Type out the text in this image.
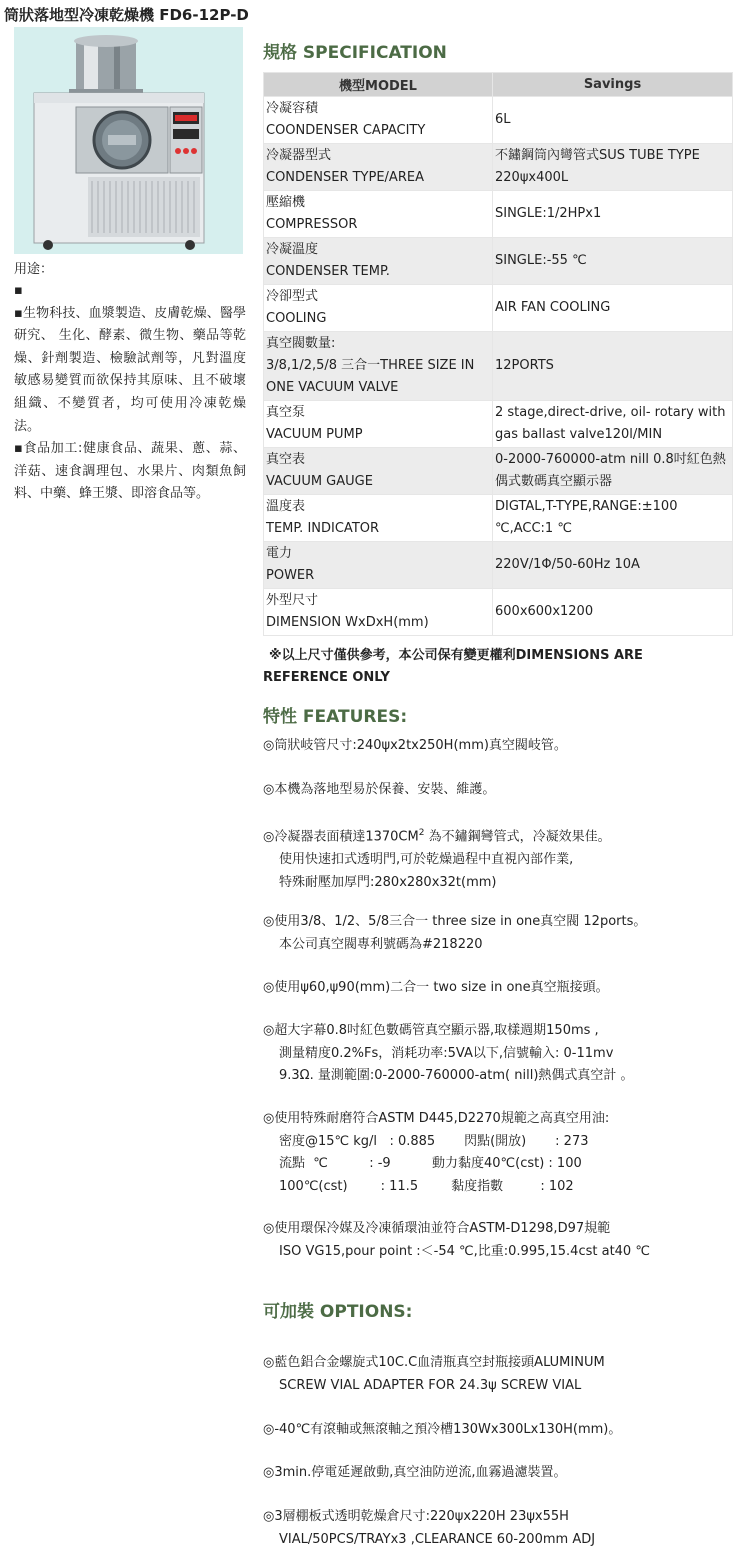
筒狀落地型冷凍乾燥機 FD6-12P-D
用途：

▪

▪生物科技、血漿製造、皮膚乾燥、醫學研究、 生化、酵素、微生物、藥品等乾燥、針劑製造、檢驗試劑等，凡對溫度敏感易變質而欲保持其原味、且不破壞組織、不變質者，均可使用冷凍乾燥法。

▪食品加工:健康食品、蔬果、蔥、蒜、洋菇、速食調理包、水果片、肉類魚飼料、中藥、蜂王漿、即溶食品等。

規格 SPECIFICATION
機型MODEL	Savings
冷凝容積
COONDENSER CAPACITY	6L
冷凝器型式
CONDENSER TYPE/AREA	不鏽鋼筒內彎管式SUS TUBE TYPE
220ψx400L
壓縮機
COMPRESSOR	SINGLE:1/2HPx1
冷凝溫度
CONDENSER TEMP.	SINGLE:-55 ℃
冷卻型式
COOLING	AIR FAN COOLING
真空閥數量:
3/8,1/2,5/8 三合一THREE SIZE IN
ONE VACUUM VALVE	12PORTS
真空泵
VACUUM PUMP	2 stage,direct-drive, oil- rotary with
gas ballast valve120l/MIN
真空表
VACUUM GAUGE	0-2000-760000-atm nill 0.8吋紅色熱
偶式數碼真空顯示器
溫度表
TEMP. INDICATOR	DIGTAL,T-TYPE,RANGE:±100
℃,ACC:1 ℃
電力
POWER	220V/1Φ/50-60Hz 10A
外型尺寸
DIMENSION WxDxH(mm)	600x600x1200
※以上尺寸僅供參考，本公司保有變更權利DIMENSIONS ARE
REFERENCE ONLY
特性 FEATURES:
◎筒狀岐管尺寸:240ψx2tx250H(mm)真空閥岐管。
◎本機為落地型易於保養、安裝、維護。
◎冷凝器表面積達$1370CM^2$ 為不鏽鋼彎管式，冷凝效果佳。
使用快速扣式透明門,可於乾燥過程中直視內部作業,
特殊耐壓加厚門:280x280x32t(mm)
◎使用3/8、1/2、5/8三合一 three size in one真空閥 12ports。
本公司真空閥專利號碼為#218220
◎使用ψ60,ψ90(mm)二合一 two size in one真空瓶接頭。
◎超大字幕0.8吋紅色數碼管真空顯示器,取樣週期150ms ,
測量精度0.2%Fs，消耗功率:5VA以下,信號輸入: 0-11mv
9.3Ω. 量測範圍:0-2000-760000-atm( nill)熱偶式真空計 。
◎使用特殊耐磨符合ASTM D445,D2270規範之高真空用油:
密度@15℃ kg/l   : 0.885       閃點(開放)       : 273
流點  ℃          : -9          動力黏度40℃(cst) : 100
100℃(cst)        : 11.5        黏度指數         : 102
◎使用環保冷媒及冷凍循環油並符合ASTM-D1298,D97規範
ISO VG15,pour point :＜-54 ℃,比重:0.995,15.4cst at40 ℃
可加裝 OPTIONS:
◎藍色鋁合金螺旋式10C.C血清瓶真空封瓶接頭ALUMINUM
SCREW VIAL ADAPTER FOR 24.3ψ SCREW VIAL
◎-40℃有滾軸或無滾軸之預冷槽130Wx300Lx130H(mm)。
◎3min.停電延遲啟動,真空油防逆流,血霧過濾裝置。
◎3層棚板式透明乾燥倉尺寸:220ψx220H 23ψx55H
VIAL/50PCS/TRAYx3 ,CLEARANCE 60-200mm ADJ
